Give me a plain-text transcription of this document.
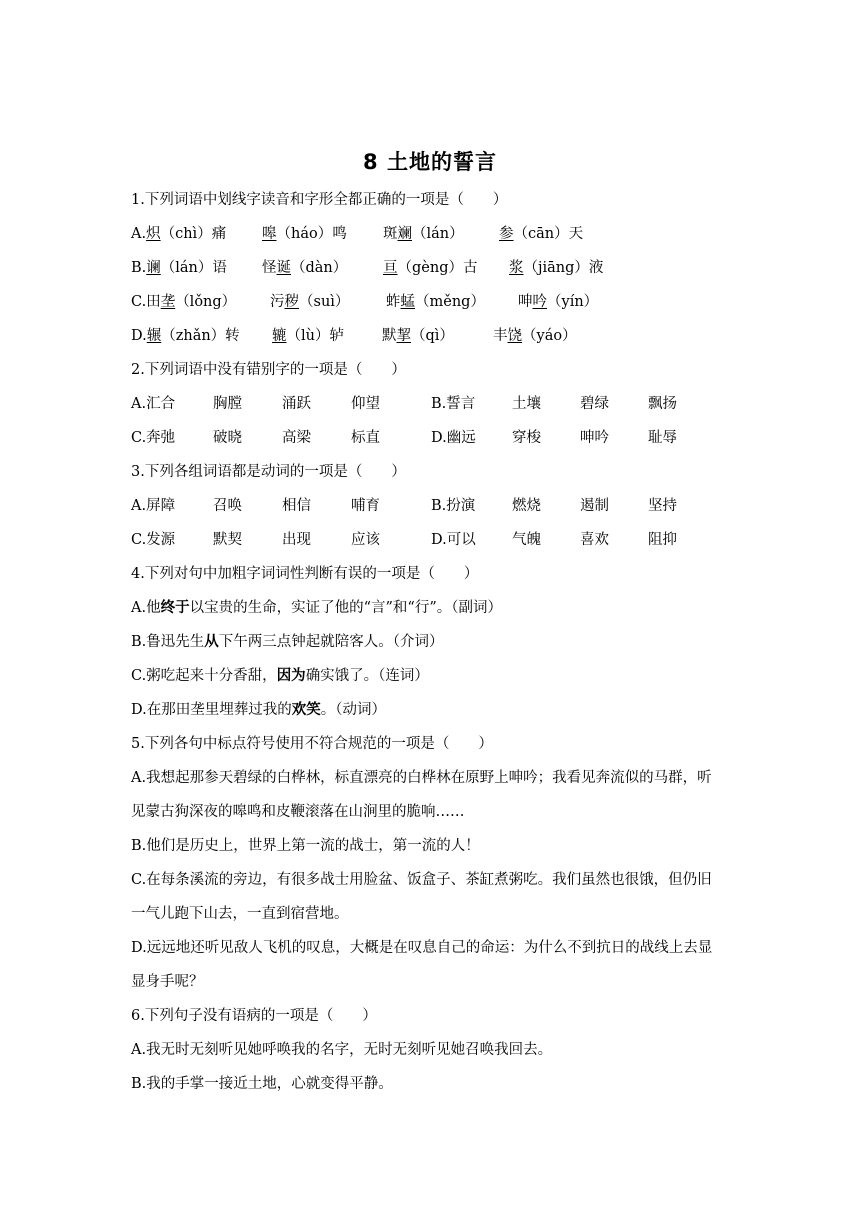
8 土地的誓言
1.下列词语中划线字读音和字形全都正确的一项是（　　）
A.炽（chì）痛 嗥（háo）鸣	斑斓（lán） 参（cān）天
B.谰（lán）语 怪诞（dàn） 亘（gèng）古 浆（jiāng）液
C.田垄（lǒng） 污秽（suì）	蚱蜢（měng） 呻吟（yín）
D.辗（zhǎn）转 辘（lù）轳	默挈（qì）	丰饶（yáo）
2.下列词语中没有错别字的一项是（　　）
A.汇合	胸膛	涌跃	仰望	B.誓言	土壤	碧绿	飘扬
C.奔弛	破晓	高梁	标直	D.幽远	穿梭	呻吟	耻辱
3.下列各组词语都是动词的一项是（　　）
A.屏障	召唤	相信	哺育	B.扮演	燃烧	遏制	坚持
C.发源	默契	出现	应该	D.可以	气魄	喜欢	阻抑
4.下列对句中加粗字词词性判断有误的一项是（　　）
A.他终于以宝贵的生命，实证了他的“言”和“行”。（副词）
B.鲁迅先生从下午两三点钟起就陪客人。（介词）
C.粥吃起来十分香甜，因为确实饿了。（连词）
D.在那田垄里埋葬过我的欢笑。（动词）
5.下列各句中标点符号使用不符合规范的一项是（　　）
A.我想起那参天碧绿的白桦林，标直漂亮的白桦林在原野上呻吟；我看见奔流似的马群，听
见蒙古狗深夜的嗥鸣和皮鞭滚落在山涧里的脆响……
B.他们是历史上，世界上第一流的战士，第一流的人！
C.在每条溪流的旁边，有很多战士用脸盆、饭盒子、茶缸煮粥吃。我们虽然也很饿，但仍旧
一气儿跑下山去，一直到宿营地。
D.远远地还听见敌人飞机的叹息，大概是在叹息自己的命运：为什么不到抗日的战线上去显
显身手呢？
6.下列句子没有语病的一项是（　　）
A.我无时无刻听见她呼唤我的名字，无时无刻听见她召唤我回去。
B.我的手掌一接近土地，心就变得平静。
